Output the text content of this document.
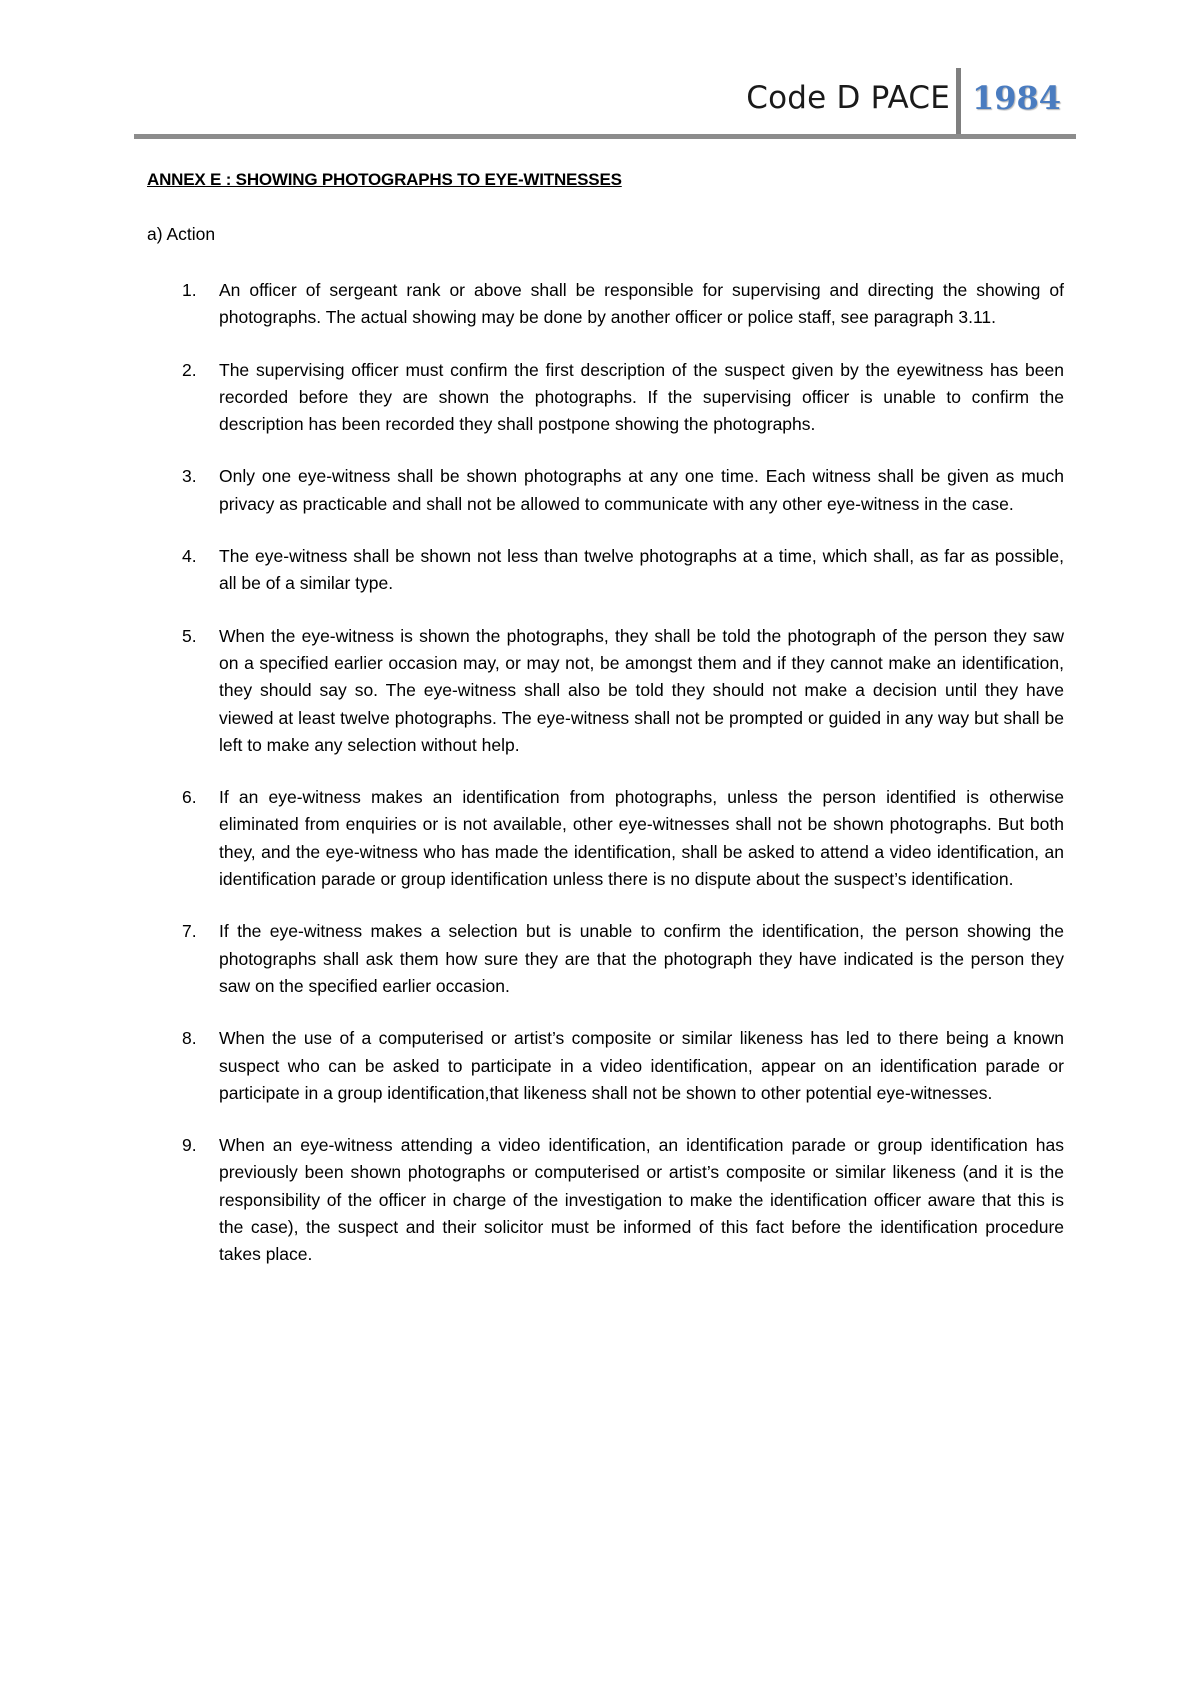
Code D PACE 1984
ANNEX E : SHOWING PHOTOGRAPHS TO EYE-WITNESSES
a) Action
1. An officer of sergeant rank or above shall be responsible for supervising and directing the showing of photographs. The actual showing may be done by another officer or police staff, see paragraph 3.11.
2. The supervising officer must confirm the first description of the suspect given by the eyewitness has been recorded before they are shown the photographs. If the supervising officer is unable to confirm the description has been recorded they shall postpone showing the photographs.
3. Only one eye-witness shall be shown photographs at any one time. Each witness shall be given as much privacy as practicable and shall not be allowed to communicate with any other eye-witness in the case.
4. The eye-witness shall be shown not less than twelve photographs at a time, which shall, as far as possible, all be of a similar type.
5. When the eye-witness is shown the photographs, they shall be told the photograph of the person they saw on a specified earlier occasion may, or may not, be amongst them and if they cannot make an identification, they should say so. The eye-witness shall also be told they should not make a decision until they have viewed at least twelve photographs. The eye-witness shall not be prompted or guided in any way but shall be left to make any selection without help.
6. If an eye-witness makes an identification from photographs, unless the person identified is otherwise eliminated from enquiries or is not available, other eye-witnesses shall not be shown photographs. But both they, and the eye-witness who has made the identification, shall be asked to attend a video identification, an identification parade or group identification unless there is no dispute about the suspect’s identification.
7. If the eye-witness makes a selection but is unable to confirm the identification, the person showing the photographs shall ask them how sure they are that the photograph they have indicated is the person they saw on the specified earlier occasion.
8. When the use of a computerised or artist’s composite or similar likeness has led to there being a known suspect who can be asked to participate in a video identification, appear on an identification parade or participate in a group identification,that likeness shall not be shown to other potential eye-witnesses.
9. When an eye-witness attending a video identification, an identification parade or group identification has previously been shown photographs or computerised or artist’s composite or similar likeness (and it is the responsibility of the officer in charge of the investigation to make the identification officer aware that this is the case), the suspect and their solicitor must be informed of this fact before the identification procedure takes place.
